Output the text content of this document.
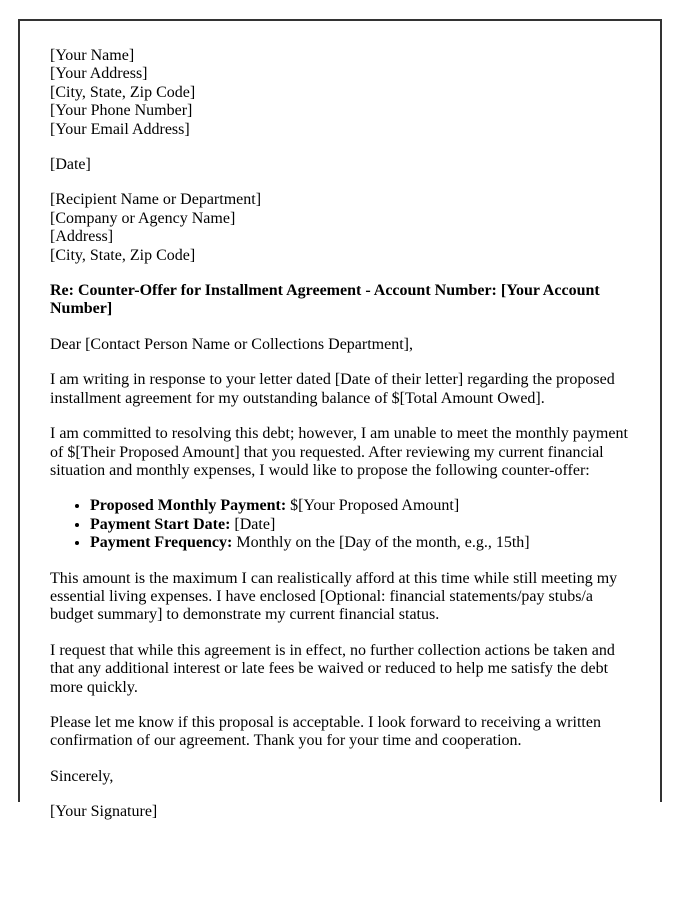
[Your Name]
[Your Address]
[City, State, Zip Code]
[Your Phone Number]
[Your Email Address]

[Date]

[Recipient Name or Department]
[Company or Agency Name]
[Address]
[City, State, Zip Code]

Re: Counter-Offer for Installment Agreement - Account Number: [Your Account Number]

Dear [Contact Person Name or Collections Department],

I am writing in response to your letter dated [Date of their letter] regarding the proposed installment agreement for my outstanding balance of $[Total Amount Owed].

I am committed to resolving this debt; however, I am unable to meet the monthly payment of $[Their Proposed Amount] that you requested. After reviewing my current financial situation and monthly expenses, I would like to propose the following counter-offer:

• Proposed Monthly Payment: $[Your Proposed Amount]
• Payment Start Date: [Date]
• Payment Frequency: Monthly on the [Day of the month, e.g., 15th]

This amount is the maximum I can realistically afford at this time while still meeting my essential living expenses. I have enclosed [Optional: financial statements/pay stubs/a budget summary] to demonstrate my current financial status.

I request that while this agreement is in effect, no further collection actions be taken and that any additional interest or late fees be waived or reduced to help me satisfy the debt more quickly.

Please let me know if this proposal is acceptable. I look forward to receiving a written confirmation of our agreement. Thank you for your time and cooperation.

Sincerely,

[Your Signature]
